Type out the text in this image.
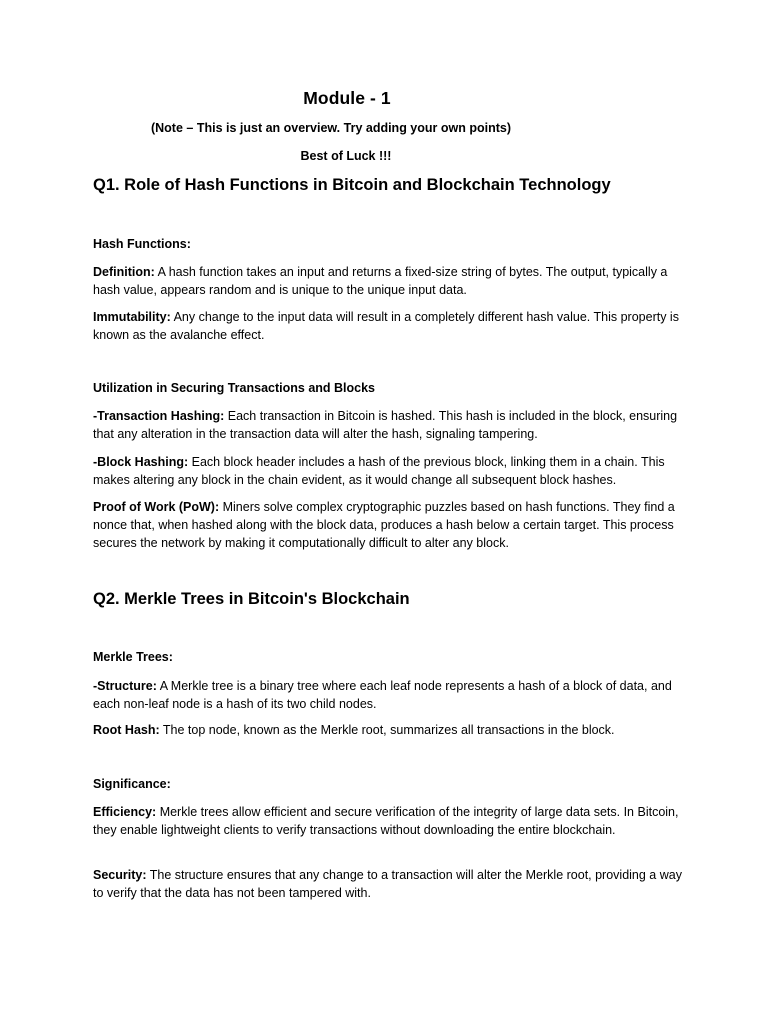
Module - 1

(Note – This is just an overview. Try adding your own points)

Best of Luck !!!

Q1. Role of Hash Functions in Bitcoin and Blockchain Technology

Hash Functions:

Definition: A hash function takes an input and returns a fixed-size string of bytes. The output, typically a hash value, appears random and is unique to the unique input data.

Immutability: Any change to the input data will result in a completely different hash value. This property is known as the avalanche effect.

Utilization in Securing Transactions and Blocks

-Transaction Hashing: Each transaction in Bitcoin is hashed. This hash is included in the block, ensuring that any alteration in the transaction data will alter the hash, signaling tampering.

-Block Hashing: Each block header includes a hash of the previous block, linking them in a chain. This makes altering any block in the chain evident, as it would change all subsequent block hashes.

Proof of Work (PoW): Miners solve complex cryptographic puzzles based on hash functions. They find a nonce that, when hashed along with the block data, produces a hash below a certain target. This process secures the network by making it computationally difficult to alter any block.

Q2. Merkle Trees in Bitcoin's Blockchain

Merkle Trees:

-Structure: A Merkle tree is a binary tree where each leaf node represents a hash of a block of data, and each non-leaf node is a hash of its two child nodes.

Root Hash: The top node, known as the Merkle root, summarizes all transactions in the block.

Significance:

Efficiency: Merkle trees allow efficient and secure verification of the integrity of large data sets. In Bitcoin, they enable lightweight clients to verify transactions without downloading the entire blockchain.

Security: The structure ensures that any change to a transaction will alter the Merkle root, providing a way to verify that the data has not been tampered with.
